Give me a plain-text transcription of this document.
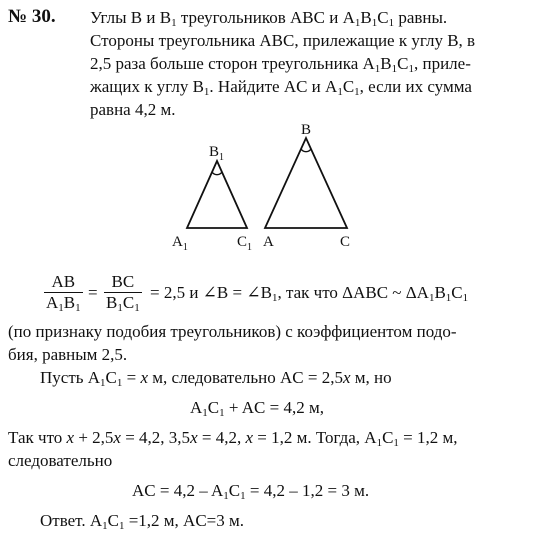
№ 30. Углы B и $B_1$ треугольников ABC и $A_1B_1C_1$ равны.
Стороны треугольника ABC, прилежащие к углу B, в
2,5 раза больше сторон треугольника $A_1B_1C_1$, приле-
жащих к углу $B_1$. Найдите AC и $A_1C_1$, если их сумма
равна 4,2 м.
$B_1$
$A_1$	$C_1$
B
A	C
$\frac{AB}{A_1B_1} = \frac{BC}{B_1C_1} = 2,5$ и ∠B = $\angle B_1$, так что ΔABC ~ $\Delta A_1B_1C_1$
(по признаку подобия треугольников) с коэффициентом подо-
бия, равным 2,5.
Пусть $A_1C_1 = x$ м, следовательно AC = 2,5x м, но
$A_1C_1$ + AC = 4,2 м,
Так что x + 2,5x = 4,2, 3,5x = 4,2, x = 1,2 м. Тогда, $A_1C_1 = 1,2$ м,
следовательно
AC = $4,2 - A_1C_1 = 4,2 - 1,2 = 3$ м.
Ответ. $A_1C_1 =1,2$ м, AC=3 м.
